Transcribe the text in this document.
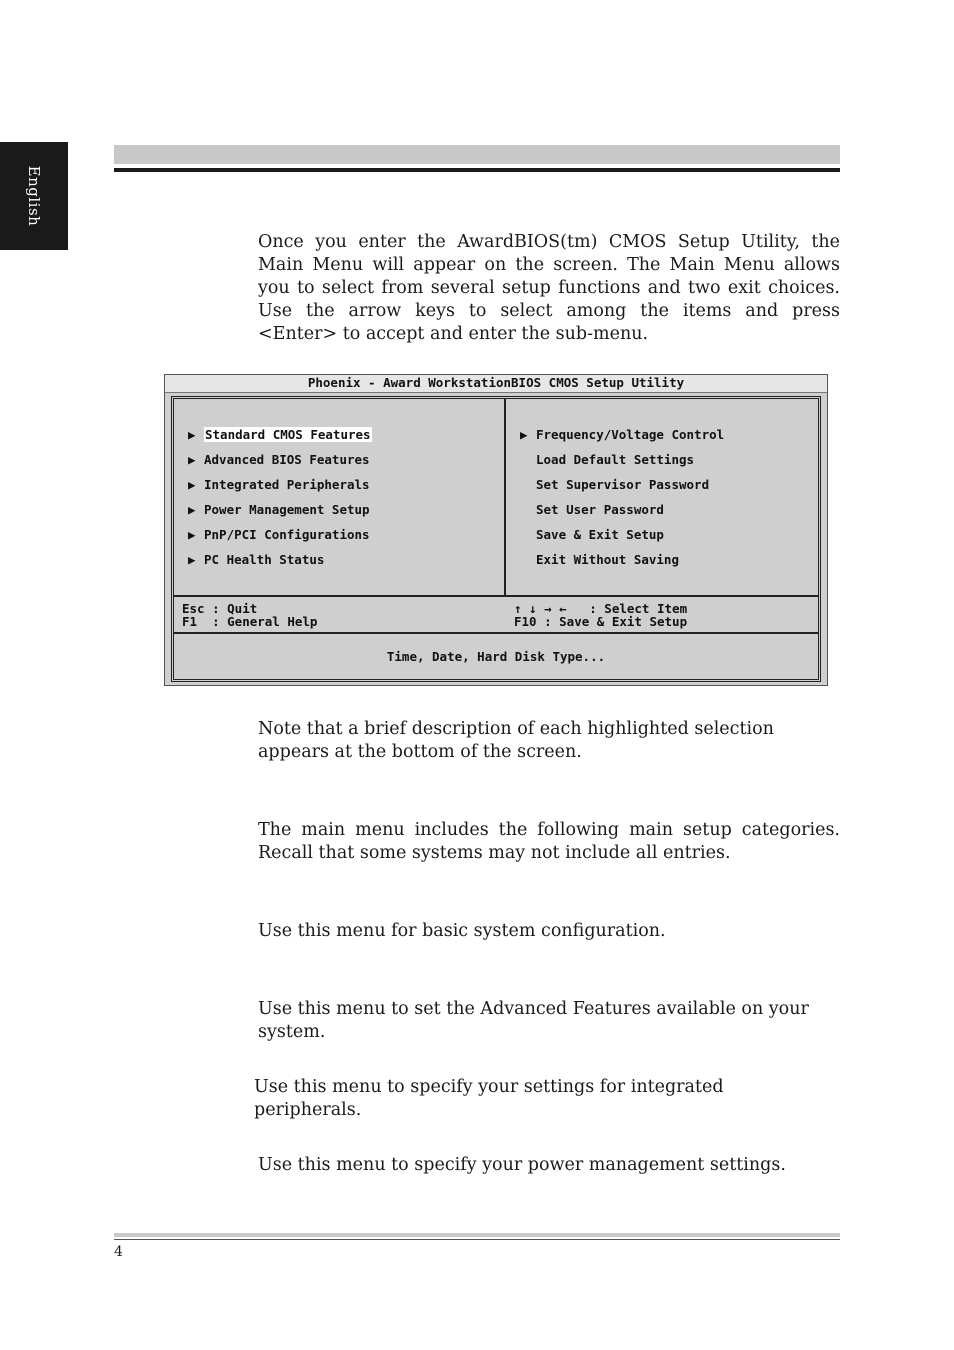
English

Once you enter the AwardBIOS(tm) CMOS Setup Utility, the Main Menu will appear on the screen. The Main Menu allows you to select from several setup functions and two exit choices. Use the arrow keys to select among the items and press <Enter> to accept and enter the sub-menu.

Phoenix - Award WorkstationBIOS CMOS Setup Utility
▶ Standard CMOS Features
▶ Advanced BIOS Features
▶ Integrated Peripherals
▶ Power Management Setup
▶ PnP/PCI Configurations
▶ PC Health Status
▶ Frequency/Voltage Control
Load Default Settings
Set Supervisor Password
Set User Password
Save & Exit Setup
Exit Without Saving
Esc : Quit
F1  : General Help
↑ ↓ → ←   : Select Item
F10 : Save & Exit Setup
Time, Date, Hard Disk Type...

Note that a brief description of each highlighted selection appears at the bottom of the screen.

The main menu includes the following main setup categories. Recall that some systems may not include all entries.

Use this menu for basic system configuration.

Use this menu to set the Advanced Features available on your system.

Use this menu to specify your settings for integrated peripherals.

Use this menu to specify your power management settings.

4
